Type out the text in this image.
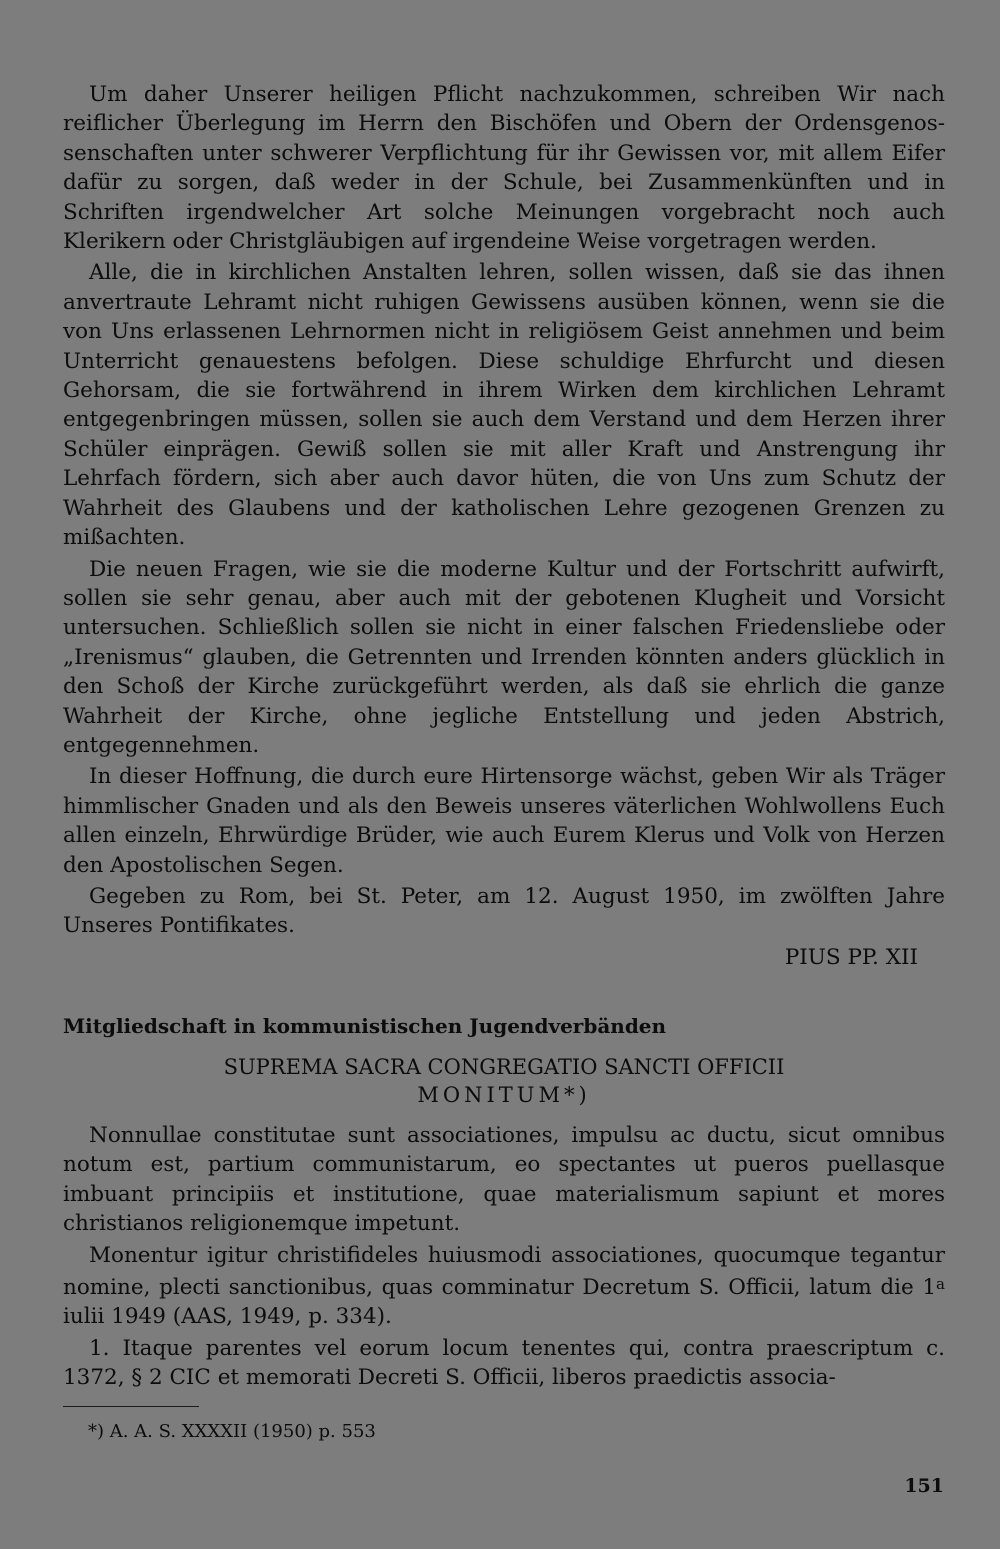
Um daher Unserer heiligen Pflicht nachzukommen, schreiben Wir nach reiflicher Überlegung im Herrn den Bischöfen und Obern der Ordensgenossenschaften unter schwerer Verpflichtung für ihr Gewissen vor, mit allem Eifer dafür zu sorgen, daß weder in der Schule, bei Zusammenkünften und in Schriften irgendwelcher Art solche Meinungen vorgebracht noch auch Klerikern oder Christgläubigen auf irgendeine Weise vorgetragen werden.

Alle, die in kirchlichen Anstalten lehren, sollen wissen, daß sie das ihnen anvertraute Lehramt nicht ruhigen Gewissens ausüben können, wenn sie die von Uns erlassenen Lehrnormen nicht in religiösem Geist annehmen und beim Unterricht genauestens befolgen. Diese schuldige Ehrfurcht und diesen Gehorsam, die sie fortwährend in ihrem Wirken dem kirchlichen Lehramt entgegenbringen müssen, sollen sie auch dem Verstand und dem Herzen ihrer Schüler einprägen. Gewiß sollen sie mit aller Kraft und Anstrengung ihr Lehrfach fördern, sich aber auch davor hüten, die von Uns zum Schutz der Wahrheit des Glaubens und der katholischen Lehre gezogenen Grenzen zu mißachten.

Die neuen Fragen, wie sie die moderne Kultur und der Fortschritt aufwirft, sollen sie sehr genau, aber auch mit der gebotenen Klugheit und Vorsicht untersuchen. Schließlich sollen sie nicht in einer falschen Friedensliebe oder „Irenismus“ glauben, die Getrennten und Irrenden könnten anders glücklich in den Schoß der Kirche zurückgeführt werden, als daß sie ehrlich die ganze Wahrheit der Kirche, ohne jegliche Entstellung und jeden Abstrich, entgegennehmen.

In dieser Hoffnung, die durch eure Hirtensorge wächst, geben Wir als Träger himmlischer Gnaden und als den Beweis unseres väterlichen Wohlwollens Euch allen einzeln, Ehrwürdige Brüder, wie auch Eurem Klerus und Volk von Herzen den Apostolischen Segen.

Gegeben zu Rom, bei St. Peter, am 12. August 1950, im zwölften Jahre Unseres Pontifikates.

PIUS PP. XII
Mitgliedschaft in kommunistischen Jugendverbänden
SUPREMA SACRA CONGREGATIO SANCTI OFFICII
MONITUM*)

Nonnullae constitutae sunt associationes, impulsu ac ductu, sicut omnibus notum est, partium communistarum, eo spectantes ut pueros puellasque imbuant principiis et institutione, quae materialismum sapiunt et mores christianos religionemque impetunt.

Monentur igitur christifideles huiusmodi associationes, quocumque tegantur nomine, plecti sanctionibus, quas comminatur Decretum S. Officii, latum die 1$^a$ iulii 1949 (AAS, 1949, p. 334).

1. Itaque parentes vel eorum locum tenentes qui, contra praescriptum c. 1372, § 2 CIC et memorati Decreti S. Officii, liberos praedictis associa-

*) A. A. S. XXXXII (1950) p. 553
151
